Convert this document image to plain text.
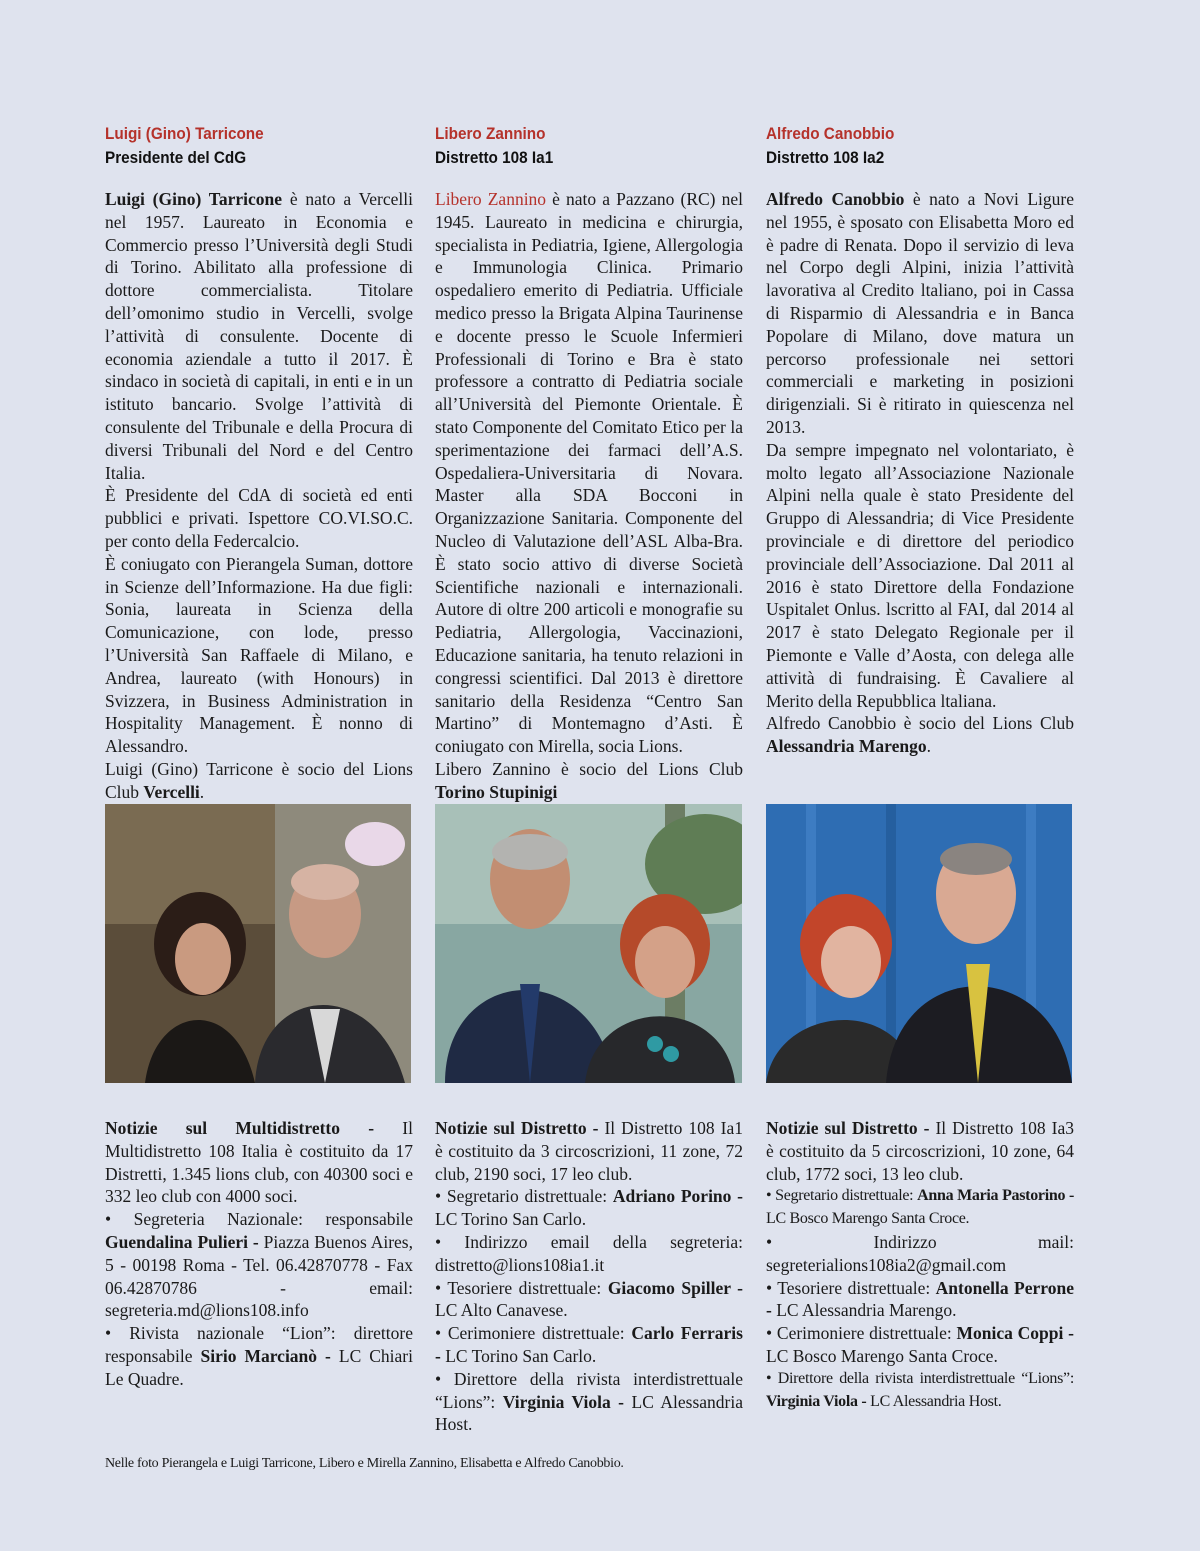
Luigi (Gino) Tarricone
Presidente del CdG
Libero Zannino
Distretto 108 Ia1
Alfredo Canobbio
Distretto 108 Ia2

Luigi (Gino) Tarricone è nato a Vercelli nel 1957. Laureato in Economia e Commercio presso l’Università degli Studi di Torino. Abilitato alla professione di dottore commercialista. Titolare dell’omonimo studio in Vercelli, svolge l’attività di consulente. Docente di economia aziendale a tutto il 2017. È sindaco in società di capitali, in enti e in un istituto bancario. Svolge l’attività di consulente del Tribunale e della Procura di diversi Tribunali del Nord e del Centro Italia.

È Presidente del CdA di società ed enti pubblici e privati. Ispettore CO.VI.SO.C. per conto della Federcalcio.

È coniugato con Pierangela Suman, dottore in Scienze dell’Informazione. Ha due figli: Sonia, laureata in Scienza della Comunicazione, con lode, presso l’Università San Raffaele di Milano, e Andrea, laureato (with Honours) in Svizzera, in Business Administration in Hospitality Management. È nonno di Alessandro.

Luigi (Gino) Tarricone è socio del Lions Club Vercelli.

Libero Zannino è nato a Pazzano (RC) nel 1945. Laureato in medicina e chirurgia, specialista in Pediatria, Igiene, Allergologia e Immunologia Clinica. Primario ospedaliero emerito di Pediatria. Ufficiale medico presso la Brigata Alpina Taurinense e docente presso le Scuole Infermieri Professionali di Torino e Bra è stato professore a contratto di Pediatria sociale all’Università del Piemonte Orientale. È stato Componente del Comitato Etico per la sperimentazione dei farmaci dell’A.S. Ospedaliera-Universitaria di Novara. Master alla SDA Bocconi in Organizzazione Sanitaria. Componente del Nucleo di Valutazione dell’ASL Alba-Bra. È stato socio attivo di diverse Società Scientifiche nazionali e internazionali. Autore di oltre 200 articoli e monografie su Pediatria, Allergologia, Vaccinazioni, Educazione sanitaria, ha tenuto relazioni in congressi scientifici. Dal 2013 è direttore sanitario della Residenza “Centro San Martino” di Montemagno d’Asti. È coniugato con Mirella, socia Lions.

Libero Zannino è socio del Lions Club Torino Stupinigi

Alfredo Canobbio è nato a Novi Ligure nel 1955, è sposato con Elisabetta Moro ed è padre di Renata. Dopo il servizio di leva nel Corpo degli Alpini, inizia l’attività lavorativa al Credito ltaliano, poi in Cassa di Risparmio di Alessandria e in Banca Popolare di Milano, dove matura un percorso professionale nei settori commerciali e marketing in posizioni dirigenziali. Si è ritirato in quiescenza nel 2013.

Da sempre impegnato nel volontariato, è molto legato all’Associazione Nazionale Alpini nella quale è stato Presidente del Gruppo di Alessandria; di Vice Presidente provinciale e di direttore del periodico provinciale dell’Associazione. Dal 2011 al 2016 è stato Direttore della Fondazione Uspitalet Onlus. lscritto al FAI, dal 2014 al 2017 è stato Delegato Regionale per il Piemonte e Valle d’Aosta, con delega alle attività di fundraising. È Cavaliere al Merito della Repubblica ltaliana.

Alfredo Canobbio è socio del Lions Club Alessandria Marengo.

Notizie sul Multidistretto - Il Multidistretto 108 Italia è costituito da 17 Distretti, 1.345 lions club, con 40300 soci e 332 leo club con 4000 soci.

• Segreteria Nazionale: responsabile Guendalina Pulieri - Piazza Buenos Aires, 5 - 00198 Roma - Tel. 06.42870778 - Fax 06.42870786 - email: segreteria.md@lions108.info

• Rivista nazionale “Lion”: direttore responsabile Sirio Marcianò - LC Chiari Le Quadre.

Notizie sul Distretto - Il Distretto 108 Ia1 è costituito da 3 circoscrizioni, 11 zone, 72 club, 2190 soci, 17 leo club.

• Segretario distrettuale: Adriano Porino - LC Torino San Carlo.

• Indirizzo email della segreteria: distretto@lions108ia1.it

• Tesoriere distrettuale: Giacomo Spiller - LC Alto Canavese.

• Cerimoniere distrettuale: Carlo Ferraris - LC Torino San Carlo.

• Direttore della rivista interdistrettuale “Lions”: Virginia Viola - LC Alessandria Host.

Notizie sul Distretto - Il Distretto 108 Ia3 è costituito da 5 circoscrizioni, 10 zone, 64 club, 1772 soci, 13 leo club.

• Segretario distrettuale: Anna Maria Pastorino - LC Bosco Marengo Santa Croce.

• Indirizzo mail: segreterialions108ia2@gmail.com

• Tesoriere distrettuale: Antonella Perrone - LC Alessandria Marengo.

• Cerimoniere distrettuale: Monica Coppi - LC Bosco Marengo Santa Croce.

• Direttore della rivista interdistrettuale “Lions”: Virginia Viola - LC Alessandria Host.

Nelle foto Pierangela e Luigi Tarricone, Libero e Mirella Zannino, Elisabetta e Alfredo Canobbio.
